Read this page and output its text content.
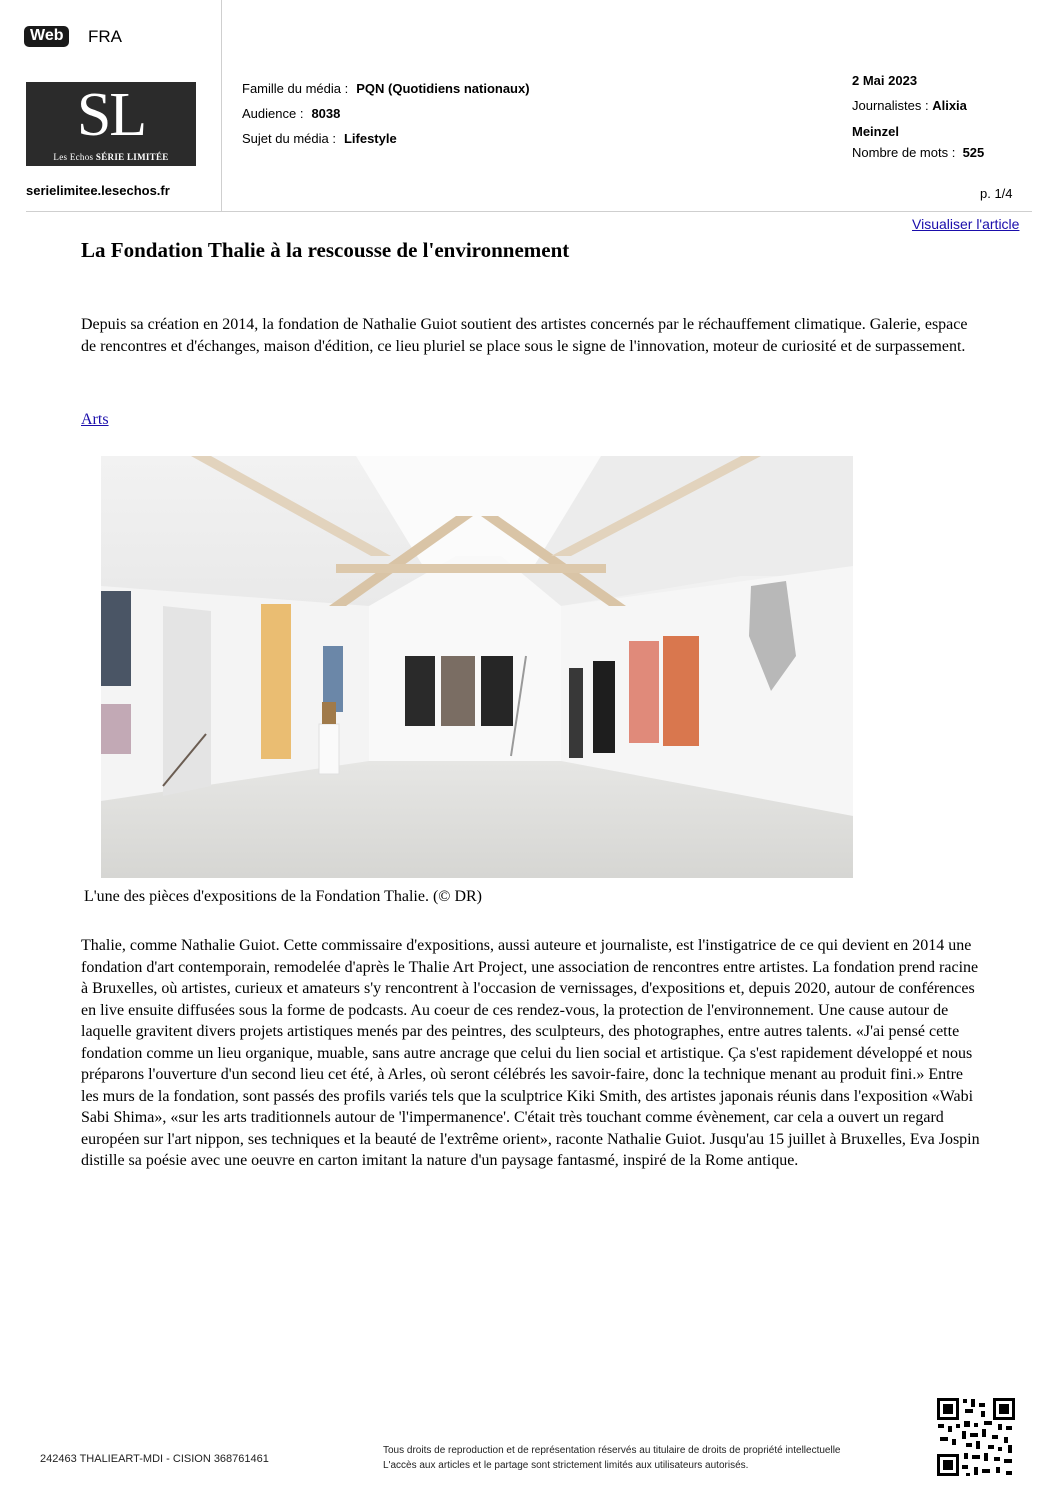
Web	FRA
SL
Les Echos SÉRIE LIMITÉE
serielimitee.lesechos.fr
Famille du média : PQN (Quotidiens nationaux)
Audience : 8038
Sujet du média : Lifestyle
2 Mai 2023
Journalistes : Alixia
Meinzel
Nombre de mots : 525
p. 1/4
Visualiser l'article
La Fondation Thalie à la rescousse de l'environnement
Depuis sa création en 2014, la fondation de Nathalie Guiot soutient des artistes concernés par le réchauffement climatique. Galerie, espace de rencontres et d'échanges, maison d'édition, ce lieu pluriel se place sous le signe de l'innovation, moteur de curiosité et de surpassement.
Arts
L'une des pièces d'expositions de la Fondation Thalie. (© DR)
Thalie, comme Nathalie Guiot. Cette commissaire d'expositions, aussi auteure et journaliste, est l'instigatrice de ce qui devient en 2014 une fondation d'art contemporain, remodelée d'après le Thalie Art Project, une association de rencontres entre artistes. La fondation prend racine à Bruxelles, où artistes, curieux et amateurs s'y rencontrent à l'occasion de vernissages, d'expositions et, depuis 2020, autour de conférences en live ensuite diffusées sous la forme de podcasts. Au coeur de ces rendez-vous, la protection de l'environnement. Une cause autour de laquelle gravitent divers projets artistiques menés par des peintres, des sculpteurs, des photographes, entre autres talents. «J'ai pensé cette fondation comme un lieu organique, muable, sans autre ancrage que celui du lien social et artistique. Ça s'est rapidement développé et nous préparons l'ouverture d'un second lieu cet été, à Arles, où seront célébrés les savoir-faire, donc la technique menant au produit fini.» Entre les murs de la fondation, sont passés des profils variés tels que la sculptrice Kiki Smith, des artistes japonais réunis dans l'exposition «Wabi Sabi Shima», «sur les arts traditionnels autour de 'l'impermanence'. C'était très touchant comme évènement, car cela a ouvert un regard européen sur l'art nippon, ses techniques et la beauté de l'extrême orient», raconte Nathalie Guiot. Jusqu'au 15 juillet à Bruxelles, Eva Jospin distille sa poésie avec une oeuvre en carton imitant la nature d'un paysage fantasmé, inspiré de la Rome antique.
242463 THALIEART-MDI - CISION 368761461
Tous droits de reproduction et de représentation réservés au titulaire de droits de propriété intellectuelle
L'accès aux articles et le partage sont strictement limités aux utilisateurs autorisés.
